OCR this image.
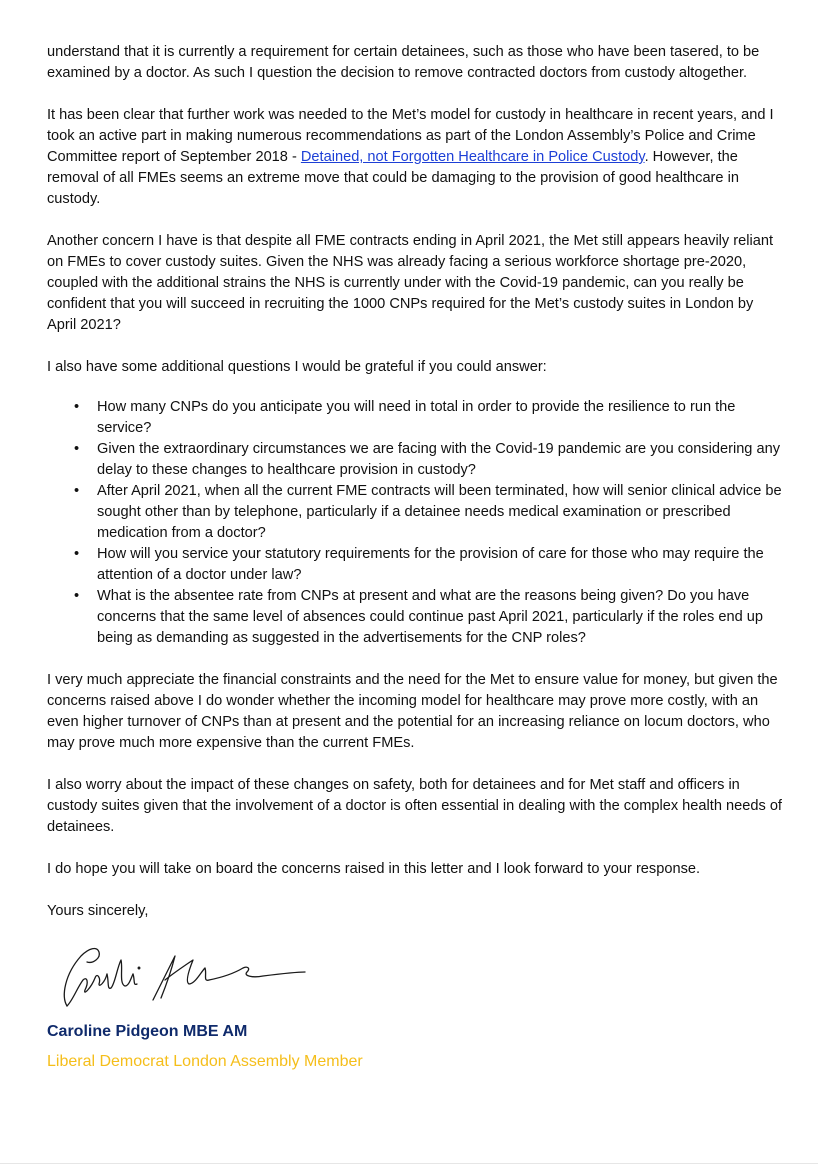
understand that it is currently a requirement for certain detainees, such as those who have been tasered, to be examined by a doctor. As such I question the decision to remove contracted doctors from custody altogether.

It has been clear that further work was needed to the Met’s model for custody in healthcare in recent years, and I took an active part in making numerous recommendations as part of the London Assembly’s Police and Crime Committee report of September 2018 - Detained, not Forgotten Healthcare in Police Custody. However, the removal of all FMEs seems an extreme move that could be damaging to the provision of good healthcare in custody.

Another concern I have is that despite all FME contracts ending in April 2021, the Met still appears heavily reliant on FMEs to cover custody suites. Given the NHS was already facing a serious workforce shortage pre-2020, coupled with the additional strains the NHS is currently under with the Covid-19 pandemic, can you really be confident that you will succeed in recruiting the 1000 CNPs required for the Met’s custody suites in London by April 2021?

I also have some additional questions I would be grateful if you could answer:

• How many CNPs do you anticipate you will need in total in order to provide the resilience to run the service?
• Given the extraordinary circumstances we are facing with the Covid-19 pandemic are you considering any delay to these changes to healthcare provision in custody?
• After April 2021, when all the current FME contracts will been terminated, how will senior clinical advice be sought other than by telephone, particularly if a detainee needs medical examination or prescribed medication from a doctor?
• How will you service your statutory requirements for the provision of care for those who may require the attention of a doctor under law?
• What is the absentee rate from CNPs at present and what are the reasons being given? Do you have concerns that the same level of absences could continue past April 2021, particularly if the roles end up being as demanding as suggested in the advertisements for the CNP roles?

I very much appreciate the financial constraints and the need for the Met to ensure value for money, but given the concerns raised above I do wonder whether the incoming model for healthcare may prove more costly, with an even higher turnover of CNPs than at present and the potential for an increasing reliance on locum doctors, who may prove much more expensive than the current FMEs.

I also worry about the impact of these changes on safety, both for detainees and for Met staff and officers in custody suites given that the involvement of a doctor is often essential in dealing with the complex health needs of detainees.

I do hope you will take on board the concerns raised in this letter and I look forward to your response.

Yours sincerely,

Caroline Pidgeon MBE AM
Liberal Democrat London Assembly Member
